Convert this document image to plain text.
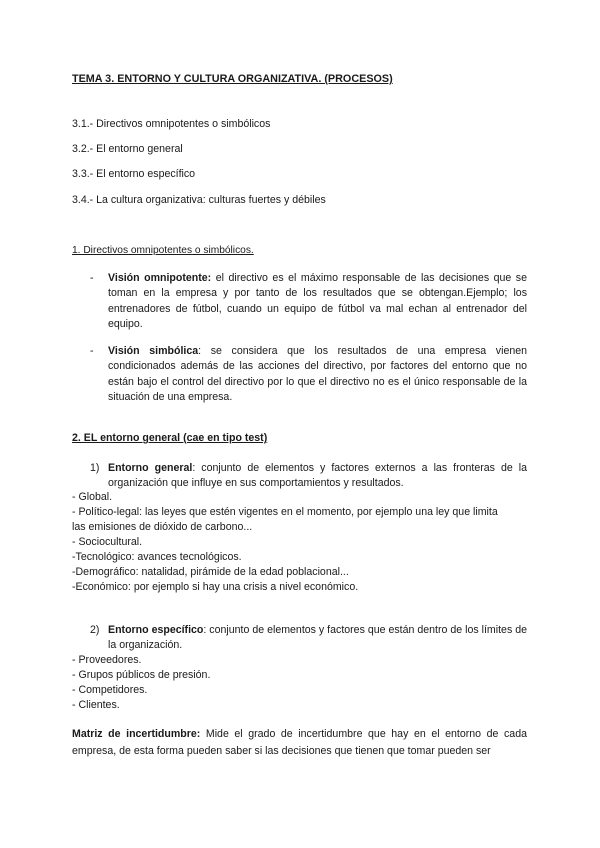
TEMA 3. ENTORNO Y CULTURA ORGANIZATIVA. (PROCESOS)
3.1.- Directivos omnipotentes o simbólicos
3.2.- El entorno general
3.3.- El entorno específico
3.4.- La cultura organizativa: culturas fuertes y débiles
1. Directivos omnipotentes o simbólicos.
- Visión omnipotente: el directivo es el máximo responsable de las decisiones que se toman en la empresa y por tanto de los resultados que se obtengan.Ejemplo; los entrenadores de fútbol, cuando un equipo de fútbol va mal echan al entrenador del equipo.
- Visión simbólica: se considera que los resultados de una empresa vienen condicionados además de las acciones del directivo, por factores del entorno que no están bajo el control del directivo por lo que el directivo no es el único responsable de la situación de una empresa.
2. EL entorno general (cae en tipo test)
1) Entorno general: conjunto de elementos y factores externos a las fronteras de la organización que influye en sus comportamientos y resultados.
- Global.
- Político-legal: las leyes que estén vigentes en el momento, por ejemplo una ley que limita
las emisiones de dióxido de carbono...
- Sociocultural.
-Tecnológico: avances tecnológicos.
-Demográfico: natalidad, pirámide de la edad poblacional...
-Económico: por ejemplo si hay una crisis a nivel económico.
2) Entorno específico: conjunto de elementos y factores que están dentro de los límites de la organización.
- Proveedores.
- Grupos públicos de presión.
- Competidores.
- Clientes.
Matriz de incertidumbre: Mide el grado de incertidumbre que hay en el entorno de cada empresa, de esta forma pueden saber si las decisiones que tienen que tomar pueden ser
